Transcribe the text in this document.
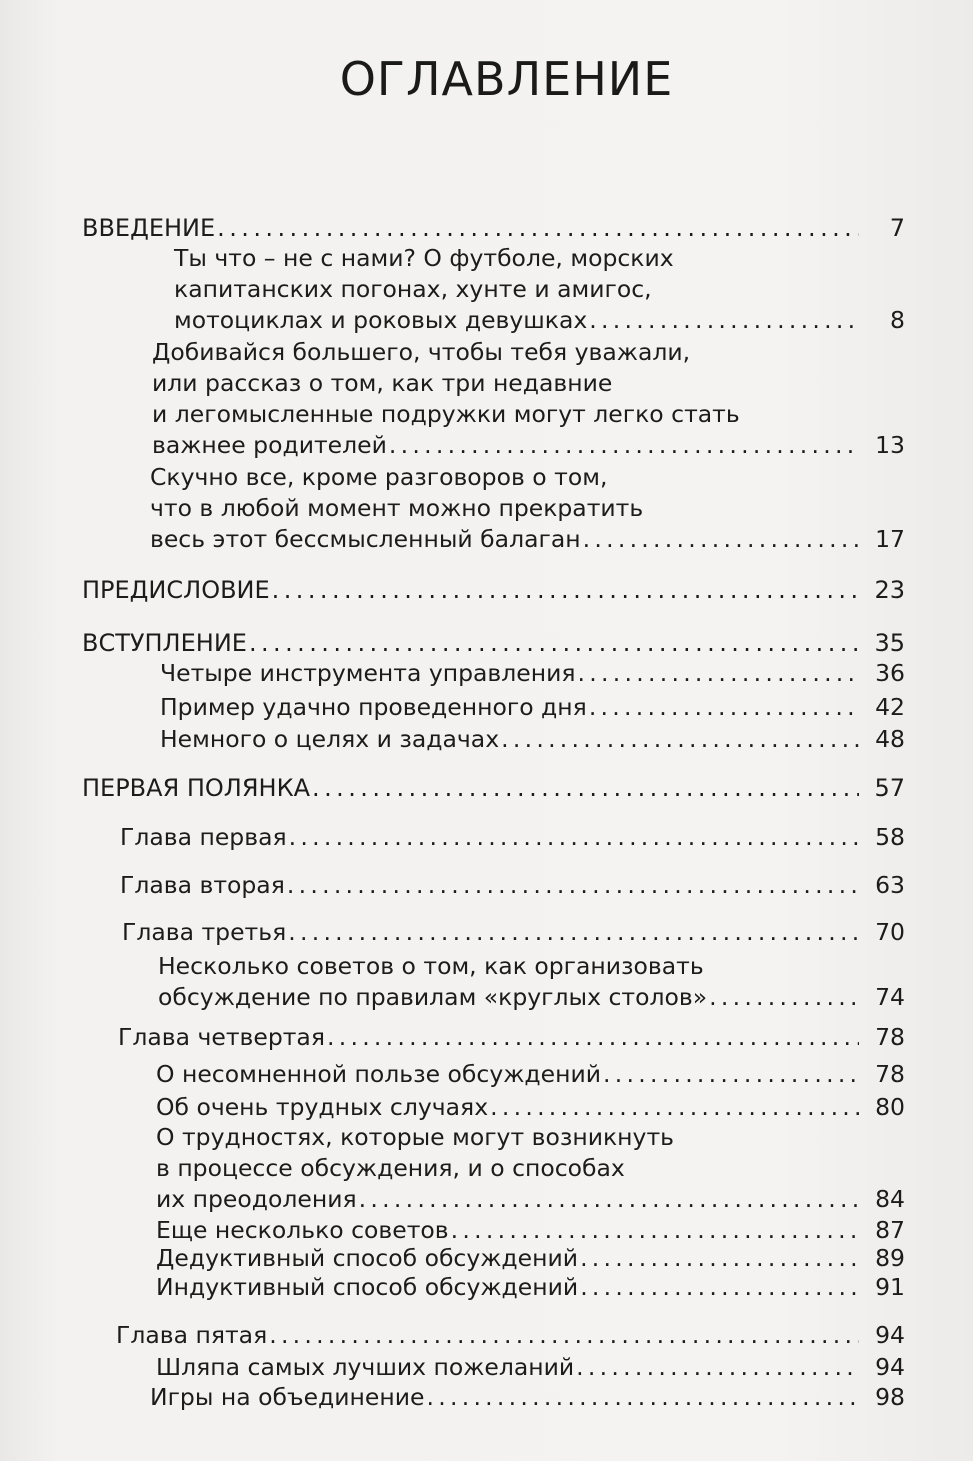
ОГЛАВЛЕНИЕ
ВВЕДЕНИЕ . . .	7
Ты что – не с нами? О футболе, морских
капитанских погонах, хунте и амигос,
мотоциклах и роковых девушках . . .	8
Добивайся большего, чтобы тебя уважали,
или рассказ о том, как три недавние
и легомысленные подружки могут легко стать
важнее родителей . . .	13
Скучно все, кроме разговоров о том,
что в любой момент можно прекратить
весь этот бессмысленный балаган . . .	17
ПРЕДИСЛОВИЕ . . .	23
ВСТУПЛЕНИЕ . . .	35
Четыре инструмента управления . . .	36
Пример удачно проведенного дня . . .	42
Немного о целях и задачах . . .	48
ПЕРВАЯ ПОЛЯНКА . . .	57
Глава первая . . .	58
Глава вторая . . .	63
Глава третья . . .	70
Несколько советов о том, как организовать
обсуждение по правилам «круглых столов» . . .	74
Глава четвертая . . .	78
О несомненной пользе обсуждений . . .	78
Об очень трудных случаях . . .	80
О трудностях, которые могут возникнуть
в процессе обсуждения, и о способах
их преодоления . . .	84
Еще несколько советов . . .	87
Дедуктивный способ обсуждений . . .	89
Индуктивный способ обсуждений . . .	91
Глава пятая . . .	94
Шляпа самых лучших пожеланий . . .	94
Игры на объединение . . .	98
